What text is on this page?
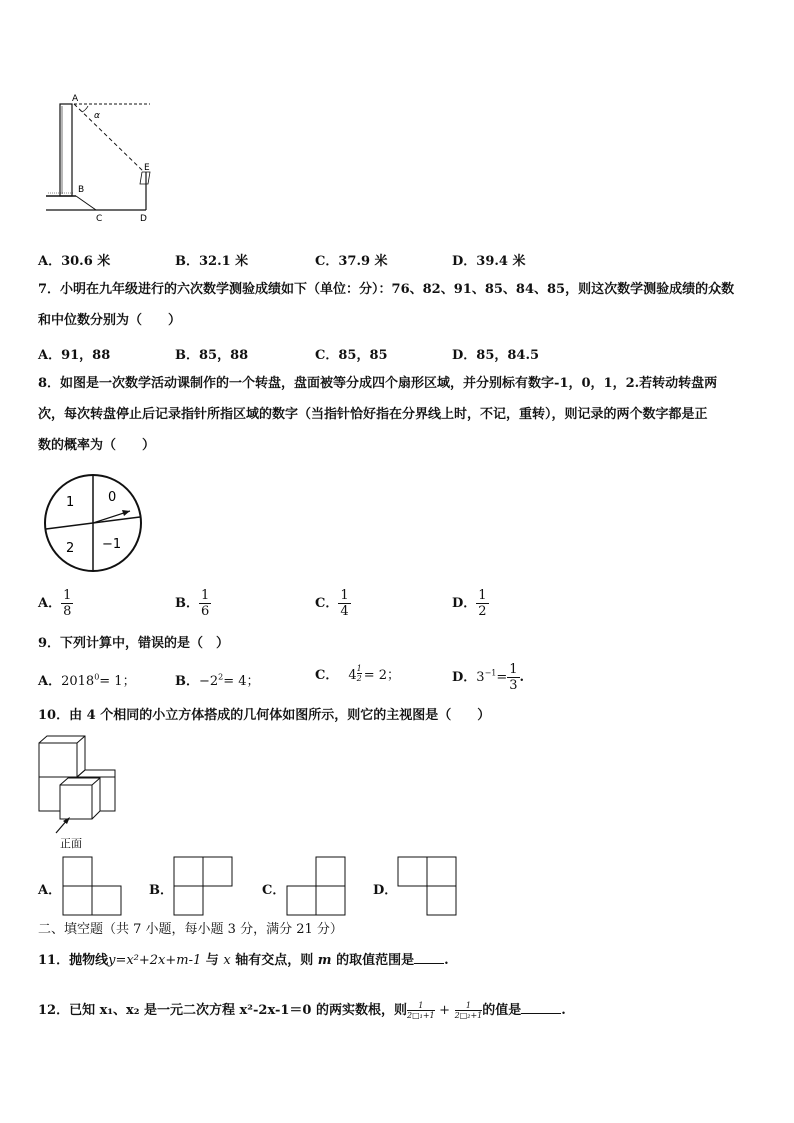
A
α
E
B
C	D
A．30.6 米	B．32.1 米	C．37.9 米	D．39.4 米
7．小明在九年级进行的六次数学测验成绩如下（单位：分）：76、82、91、85、84、85，则这次数学测验成绩的众数
和中位数分别为（　　）
A．91，88	B．85，88	C．85，85	D．85，84.5
8．如图是一次数学活动课制作的一个转盘，盘面被等分成四个扇形区域，并分别标有数字-1，0，1，2.若转动转盘两
次，每次转盘停止后记录指针所指区域的数字（当指针恰好指在分界线上时，不记，重转），则记录的两个数字都是正
数的概率为（　　）
1	0
2 −1
A． $\frac{1}{8}$	B． $\frac{1}{6}$	C． $\frac{1}{4}$	D． $\frac{1}{2}$
9．下列计算中，错误的是（　）
A．$2018^0= 1$；	B．$-2^2= 4$；	C． $4 \frac{1}{2} = 2$；	D．$3^{-1}= \frac{1}{3}$ .
10．由 4 个相同的小立方体搭成的几何体如图所示，则它的主视图是（　　）
正面
A．	B．	C．	D．
二、填空题（共 7 小题，每小题 3 分，满分 21 分）
11．抛物线y=x²+2x+m-1 与 x 轴有交点，则 m 的取值范围是 .
12．已知 x₁、x₂ 是一元二次方程 x²-2x-1＝0 的两实数根，则 $\frac{1}{\text{2□₁+1}} + \frac{1}{\text{2□₂+1}}$的值是	.
